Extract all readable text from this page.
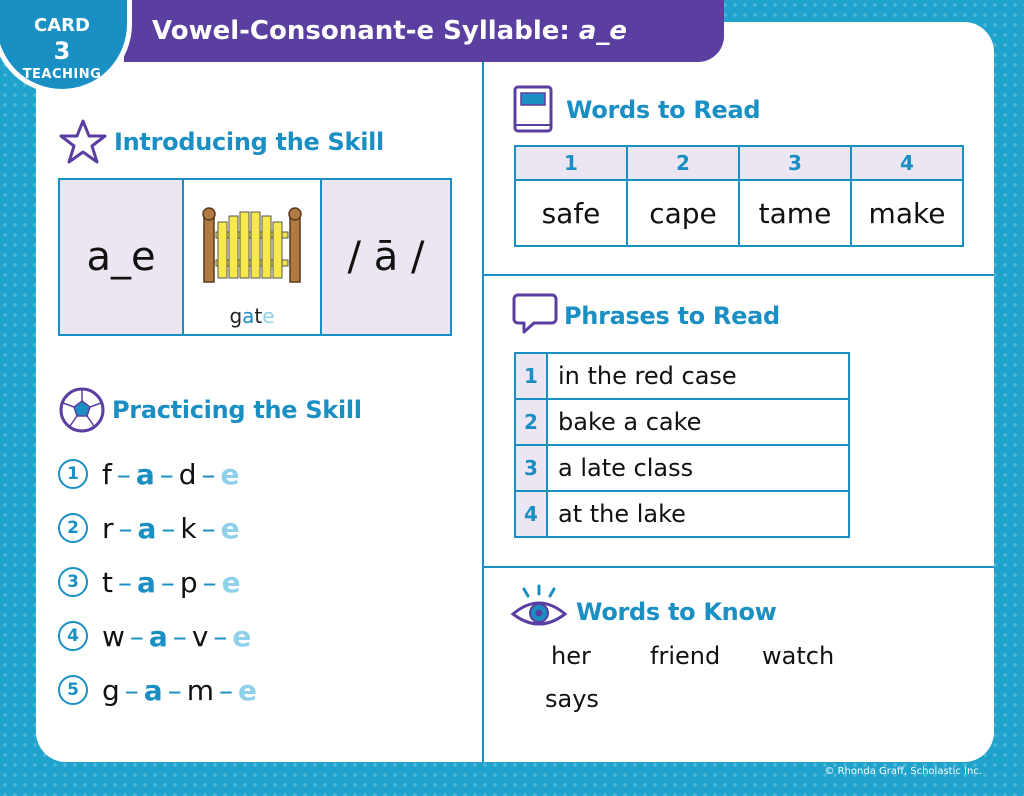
Vowel-Consonant-e Syllable: a_e
CARD
3
TEACHING
Introducing the Skill
a_e
gate
/ ā /
Practicing the Skill
1 f – a – d – e
2 r – a – k – e
3 t – a – p – e
4 w – a – v – e
5 g – a – m – e
Words to Read
1	2	3	4
safe	cape	tame	make
Phrases to Read
1	in the red case
2	bake a cake
3	a late class
4	at the lake
Words to Know
her friend watch
says
© Rhonda Graff, Scholastic Inc.
